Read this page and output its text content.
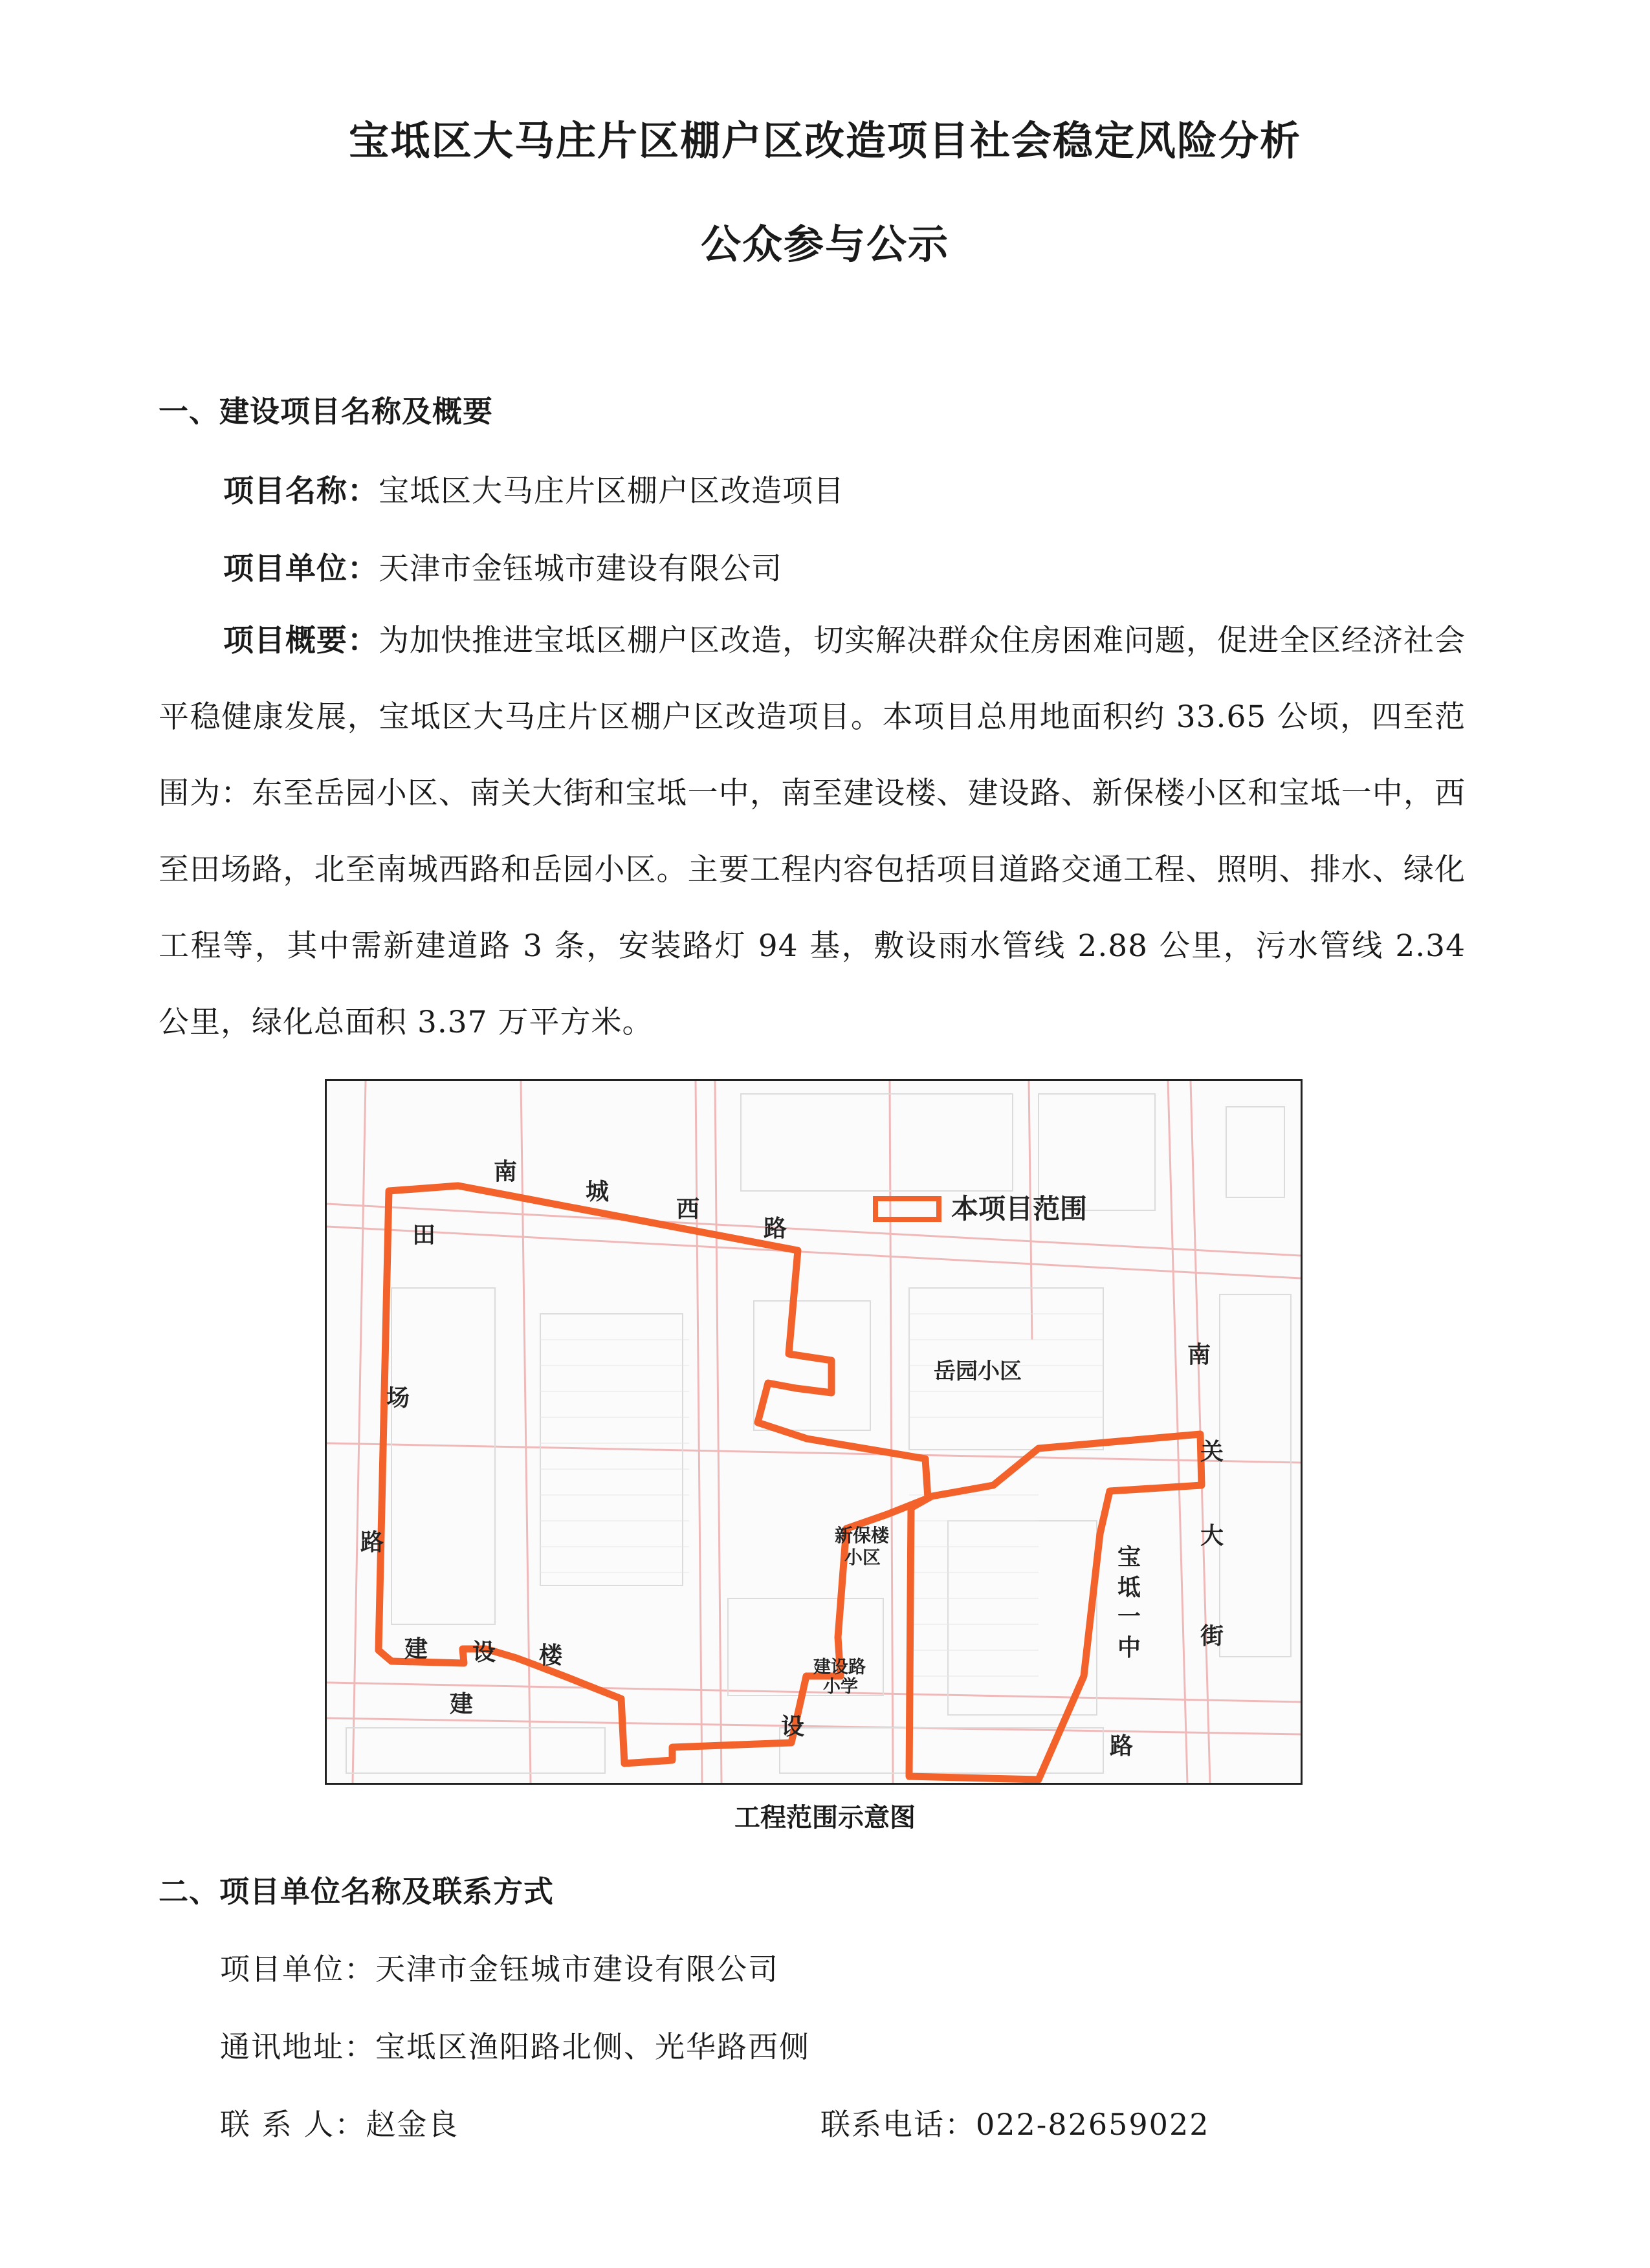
宝坻区大马庄片区棚户区改造项目社会稳定风险分析
公众参与公示
一、建设项目名称及概要
项目名称：宝坻区大马庄片区棚户区改造项目
项目单位：天津市金钰城市建设有限公司
项目概要：为加快推进宝坻区棚户区改造，切实解决群众住房困难问题，促进全区经济社会平稳健康发展，宝坻区大马庄片区棚户区改造项目。本项目总用地面积约 33.65 公顷，四至范围为：东至岳园小区、南关大街和宝坻一中，南至建设楼、建设路、新保楼小区和宝坻一中，西至田场路，北至南城西路和岳园小区。主要工程内容包括项目道路交通工程、照明、排水、绿化工程等，其中需新建道路 3 条，安装路灯 94 基，敷设雨水管线 2.88 公里，污水管线 2.34 公里，绿化总面积 3.37 万平方米。
本项目范围
南
城
西
路
田
场
路
岳园小区
南
关
大
街
新保楼
小区	宝
坻
一
中
建 设 楼
建
设
路
建设路
小学
工程范围示意图
二、项目单位名称及联系方式
项目单位：天津市金钰城市建设有限公司
通讯地址：宝坻区渔阳路北侧、光华路西侧
联 系 人：赵金良	联系电话：022-82659022
